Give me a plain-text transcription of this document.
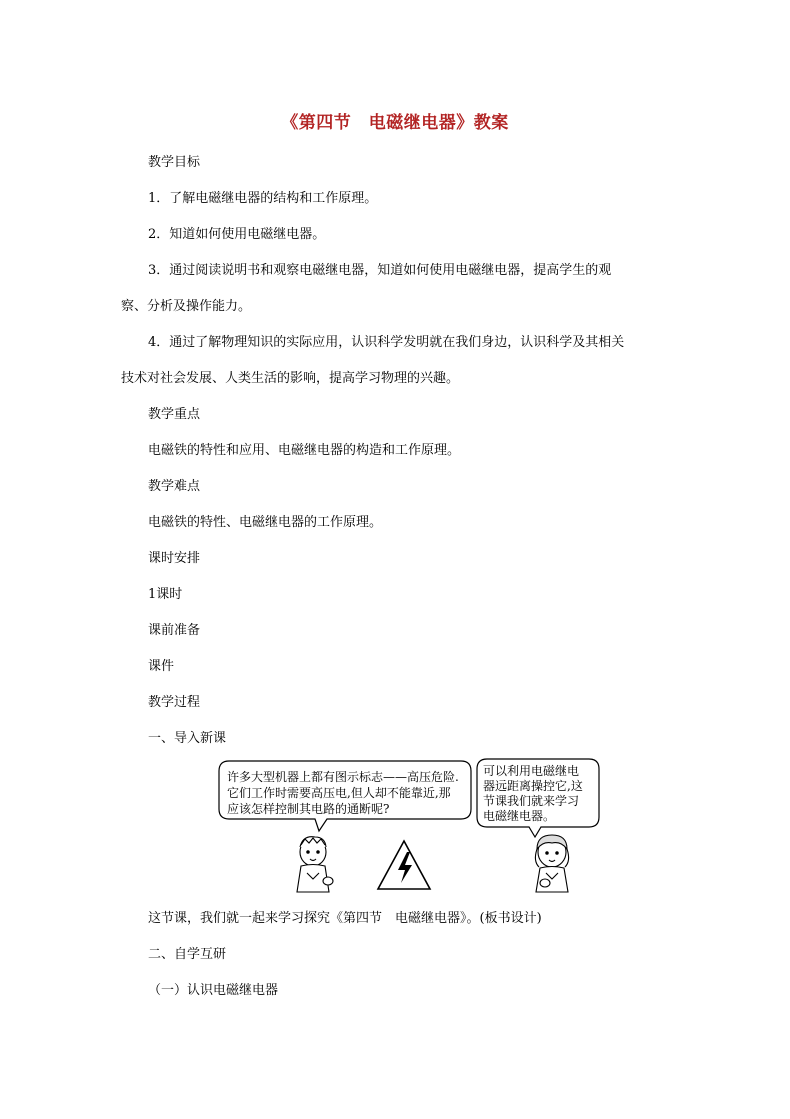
《第四节　电磁继电器》教案
教学目标
1．了解电磁继电器的结构和工作原理。
2．知道如何使用电磁继电器。
3．通过阅读说明书和观察电磁继电器，知道如何使用电磁继电器，提高学生的观
察、分析及操作能力。
4．通过了解物理知识的实际应用，认识科学发明就在我们身边，认识科学及其相关
技术对社会发展、人类生活的影响，提高学习物理的兴趣。
教学重点
电磁铁的特性和应用、电磁继电器的构造和工作原理。
教学难点
电磁铁的特性、电磁继电器的工作原理。
课时安排
1课时
课前准备
课件
教学过程
一、导入新课
许多大型机器上都有图示标志——高压危险.
它们工作时需要高压电,但人却不能靠近,那
应该怎样控制其电路的通断呢?
可以利用电磁继电
器远距离操控它,这
节课我们就来学习
电磁继电器。
这节课，我们就一起来学习探究《第四节　电磁继电器》。(板书设计)
二、自学互研
（一）认识电磁继电器
